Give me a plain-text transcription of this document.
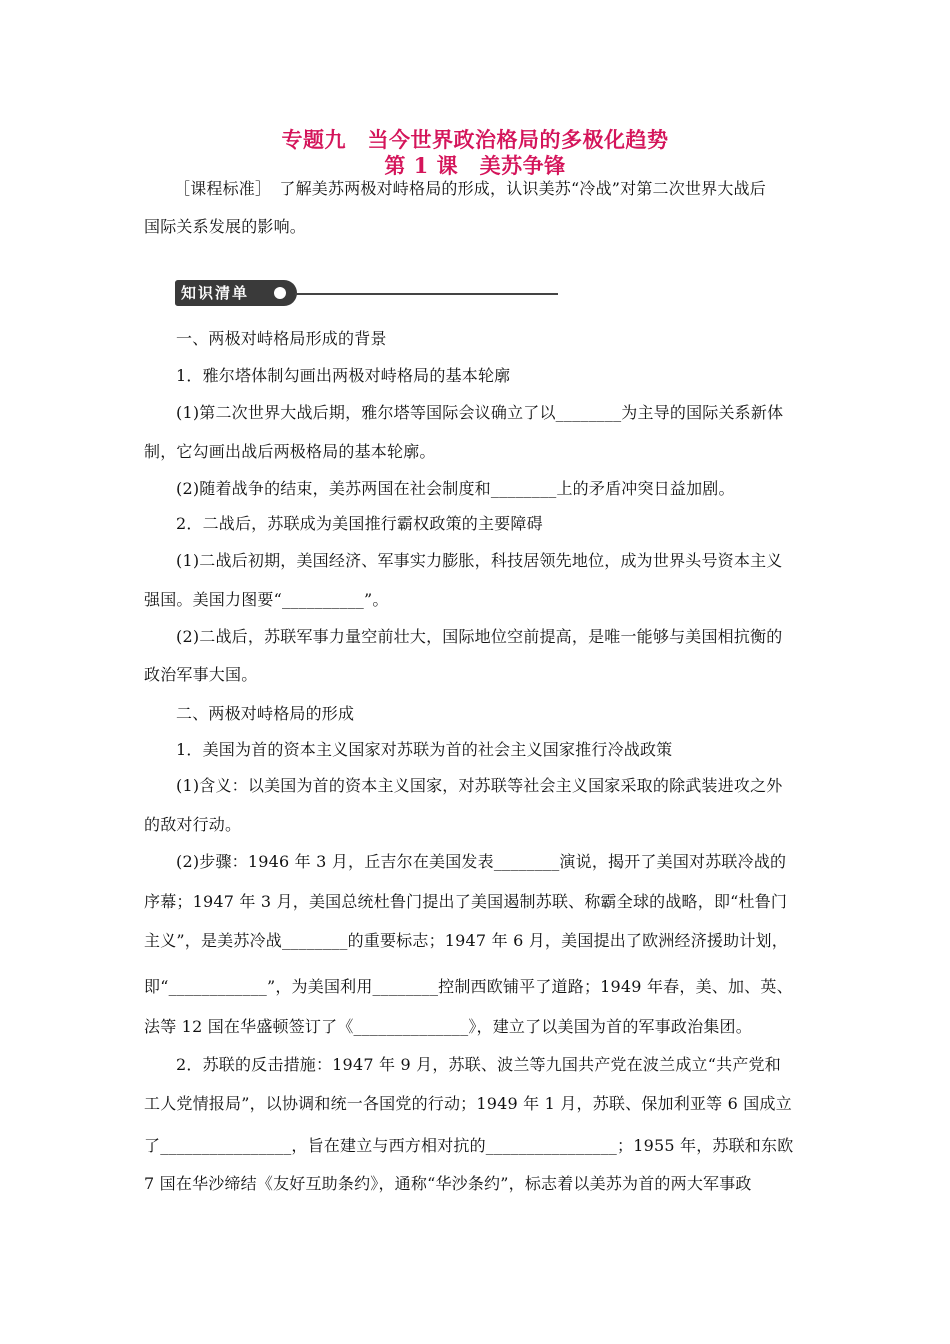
专题九　当今世界政治格局的多极化趋势
第 1 课　美苏争锋
［课程标准］　了解美苏两极对峙格局的形成，认识美苏“冷战”对第二次世界大战后
国际关系发展的影响。
知识清单
一、两极对峙格局形成的背景
1．雅尔塔体制勾画出两极对峙格局的基本轮廓
(1)第二次世界大战后期，雅尔塔等国际会议确立了以________为主导的国际关系新体
制，它勾画出战后两极格局的基本轮廓。
(2)随着战争的结束，美苏两国在社会制度和________上的矛盾冲突日益加剧。
2．二战后，苏联成为美国推行霸权政策的主要障碍
(1)二战后初期，美国经济、军事实力膨胀，科技居领先地位，成为世界头号资本主义
强国。美国力图要“__________”。
(2)二战后，苏联军事力量空前壮大，国际地位空前提高，是唯一能够与美国相抗衡的
政治军事大国。
二、两极对峙格局的形成
1．美国为首的资本主义国家对苏联为首的社会主义国家推行冷战政策
(1)含义：以美国为首的资本主义国家，对苏联等社会主义国家采取的除武装进攻之外
的敌对行动。
(2)步骤：1946 年 3 月，丘吉尔在美国发表________演说，揭开了美国对苏联冷战的
序幕；1947 年 3 月，美国总统杜鲁门提出了美国遏制苏联、称霸全球的战略，即“杜鲁门
主义”，是美苏冷战________的重要标志；1947 年 6 月，美国提出了欧洲经济援助计划，
即“____________”，为美国利用________控制西欧铺平了道路；1949 年春，美、加、英、
法等 12 国在华盛顿签订了《______________》，建立了以美国为首的军事政治集团。
2．苏联的反击措施：1947 年 9 月，苏联、波兰等九国共产党在波兰成立“共产党和
工人党情报局”，以协调和统一各国党的行动；1949 年 1 月，苏联、保加利亚等 6 国成立
了________________，旨在建立与西方相对抗的________________；1955 年，苏联和东欧
7 国在华沙缔结《友好互助条约》，通称“华沙条约”，标志着以美苏为首的两大军事政
